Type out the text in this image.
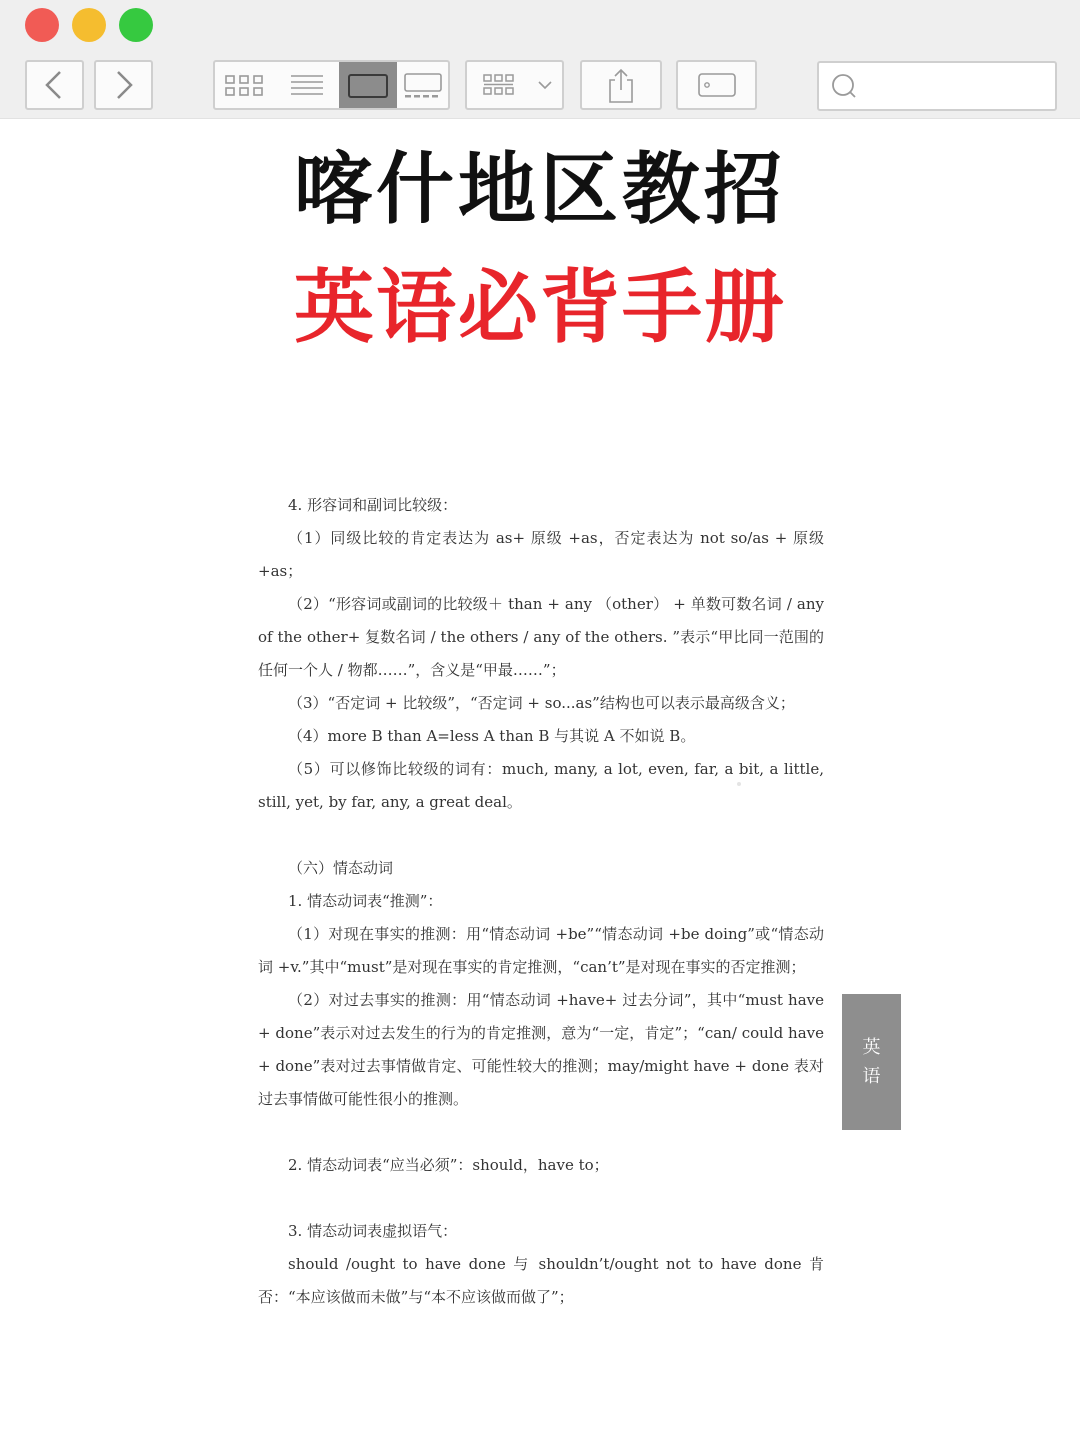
喀什地区教招
英语必背手册

4. 形容词和副词比较级：

（1）同级比较的肯定表达为 as+ 原级 +as，否定表达为 not so/as + 原级 +as；

（2）“形容词或副词的比较级＋ than + any （other） + 单数可数名词 / any of the other+ 复数名词 / the others / any of the others. ”表示“甲比同一范围的任何一个人 / 物都……”，含义是“甲最……”；

（3）“否定词 + 比较级”，“否定词 + so...as”结构也可以表示最高级含义；

（4）more B than A=less A than B 与其说 A 不如说 B。

（5）可以修饰比较级的词有：much, many, a lot, even, far, a bit, a little, still, yet, by far, any, a great deal。

（六）情态动词

1. 情态动词表“推测”：

（1）对现在事实的推测：用“情态动词 +be”“情态动词 +be doing”或“情态动词 +v.”其中“must”是对现在事实的肯定推测，“can’t”是对现在事实的否定推测；

（2）对过去事实的推测：用“情态动词 +have+ 过去分词”，其中“must have + done”表示对过去发生的行为的肯定推测，意为“一定，肯定”；“can/ could have + done”表对过去事情做肯定、可能性较大的推测；may/might have + done 表对过去事情做可能性很小的推测。

2. 情态动词表“应当必须”：should，have to；

3. 情态动词表虚拟语气：

should /ought to have done 与 shouldn’t/ought not to have done 肯否：“本应该做而未做”与“本不应该做而做了”；

英
语
